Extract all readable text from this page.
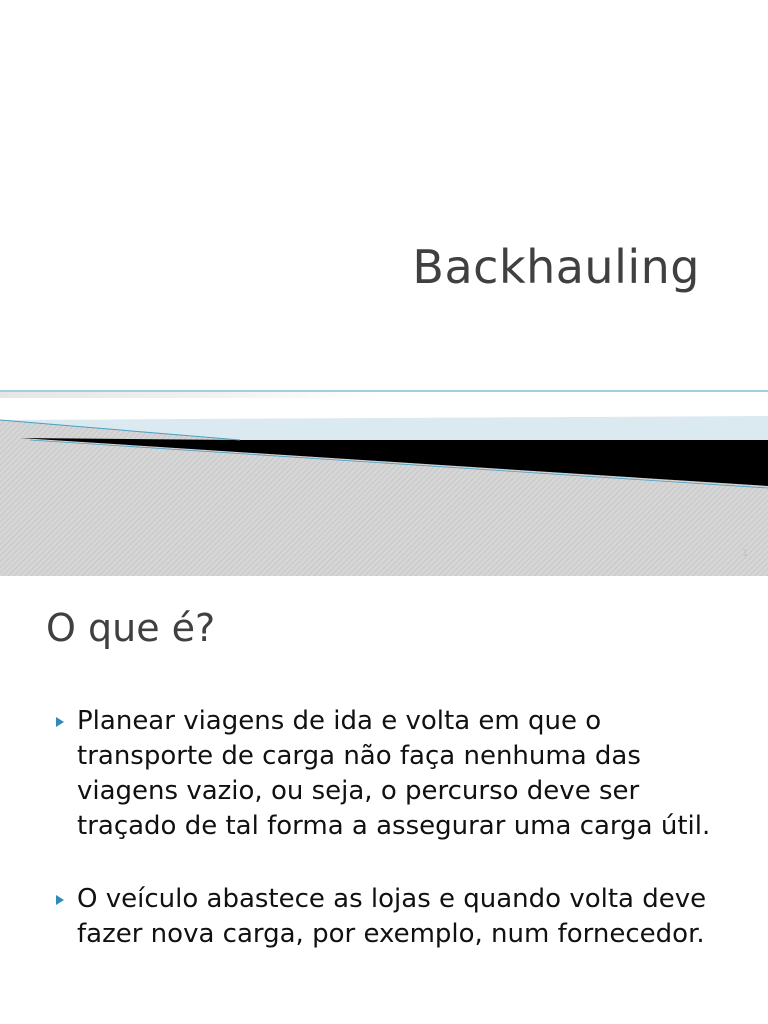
Backhauling
1
O que é?
Planear viagens de ida e volta em que o transporte de carga não faça nenhuma das viagens vazio, ou seja, o percurso deve ser traçado de tal forma a assegurar uma carga útil.
O veículo abastece as lojas e quando volta deve fazer nova carga, por exemplo, num fornecedor.
